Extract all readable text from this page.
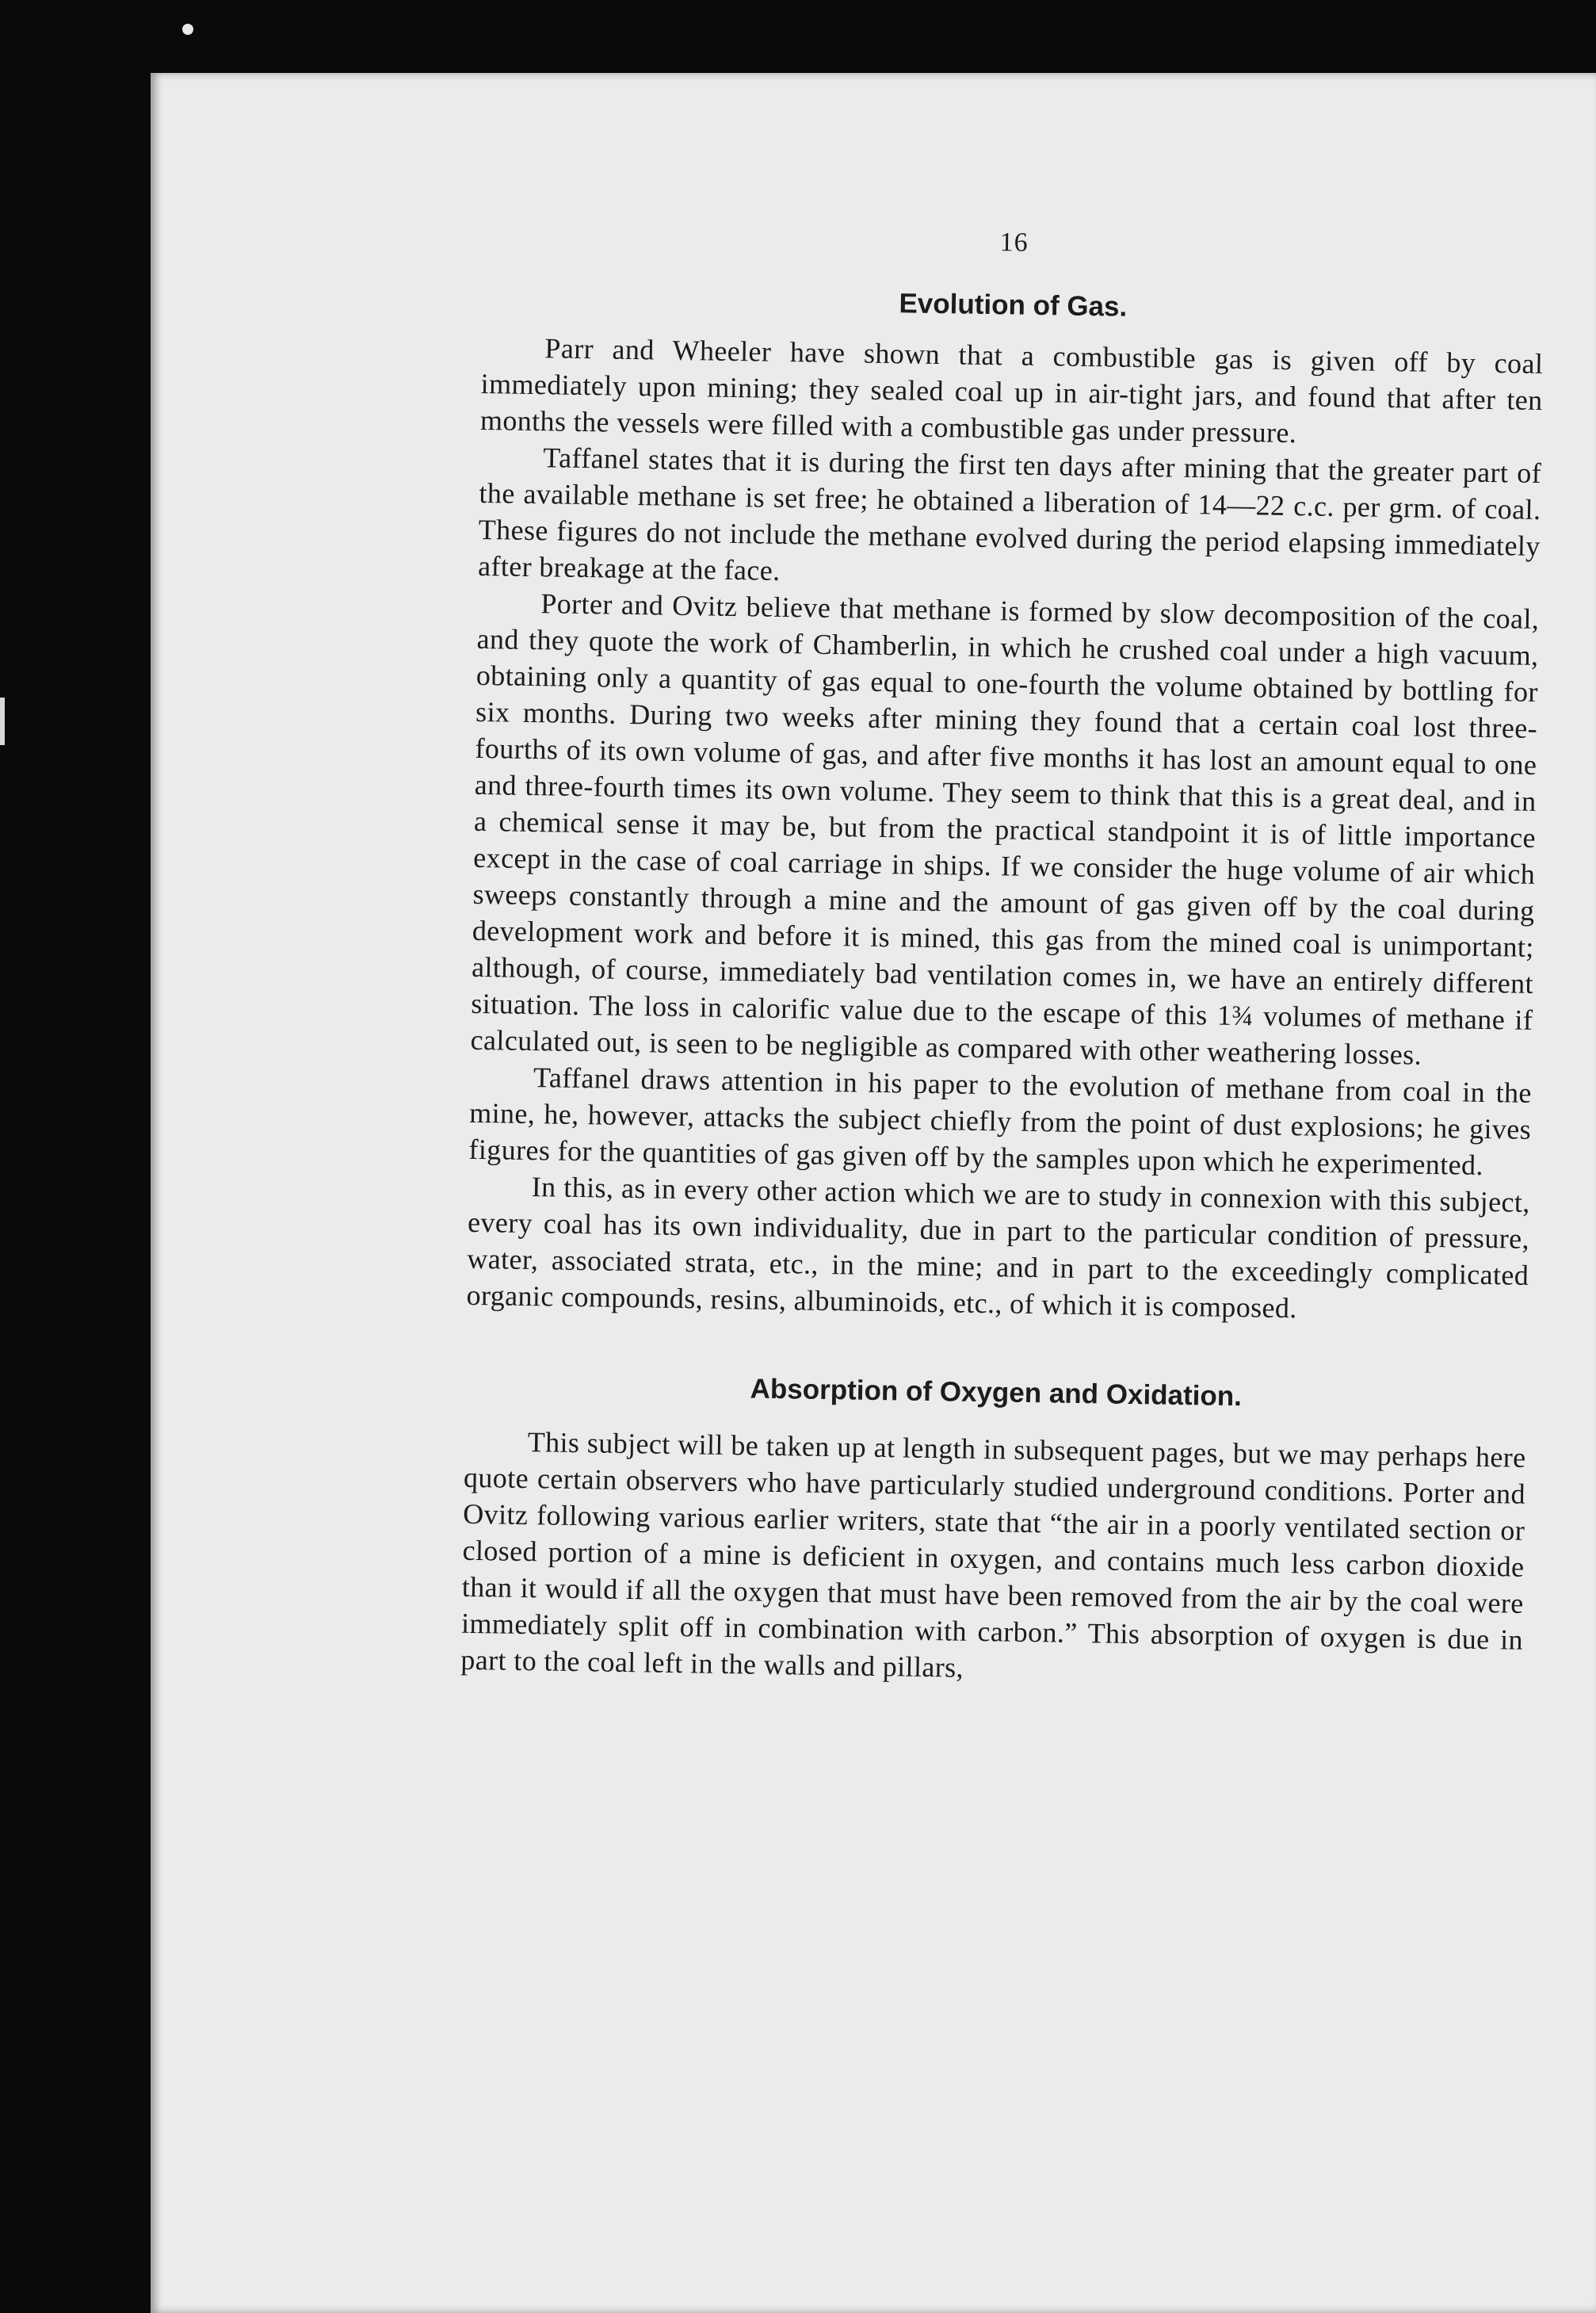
16
Evolution of Gas.

Parr and Wheeler have shown that a combustible gas is given off by coal immediately upon mining; they sealed coal up in air-tight jars, and found that after ten months the vessels were filled with a combustible gas under pressure.

Taffanel states that it is during the first ten days after mining that the greater part of the available methane is set free; he obtained a liberation of 14—22 c.c. per grm. of coal. These figures do not include the methane evolved during the period elapsing immediately after breakage at the face.

Porter and Ovitz believe that methane is formed by slow decomposition of the coal, and they quote the work of Chamberlin, in which he crushed coal under a high vacuum, obtaining only a quantity of gas equal to one-fourth the volume obtained by bottling for six months. During two weeks after mining they found that a certain coal lost three-fourths of its own volume of gas, and after five months it has lost an amount equal to one and three-fourth times its own volume. They seem to think that this is a great deal, and in a chemical sense it may be, but from the practical standpoint it is of little importance except in the case of coal carriage in ships. If we consider the huge volume of air which sweeps constantly through a mine and the amount of gas given off by the coal during development work and before it is mined, this gas from the mined coal is unimportant; although, of course, immediately bad ventilation comes in, we have an entirely different situation. The loss in calorific value due to the escape of this 1¾ volumes of methane if calculated out, is seen to be negligible as compared with other weathering losses.

Taffanel draws attention in his paper to the evolution of methane from coal in the mine, he, however, attacks the subject chiefly from the point of dust explosions; he gives figures for the quantities of gas given off by the samples upon which he experimented.

In this, as in every other action which we are to study in connexion with this subject, every coal has its own individuality, due in part to the particular condition of pressure, water, associated strata, etc., in the mine; and in part to the exceedingly complicated organic compounds, resins, albuminoids, etc., of which it is composed.

Absorption of Oxygen and Oxidation.

This subject will be taken up at length in subsequent pages, but we may perhaps here quote certain observers who have particularly studied underground conditions. Porter and Ovitz following various earlier writers, state that “the air in a poorly ventilated section or closed portion of a mine is deficient in oxygen, and contains much less carbon dioxide than it would if all the oxygen that must have been removed from the air by the coal were immediately split off in combination with carbon.” This absorption of oxygen is due in part to the coal left in the walls and pillars,
